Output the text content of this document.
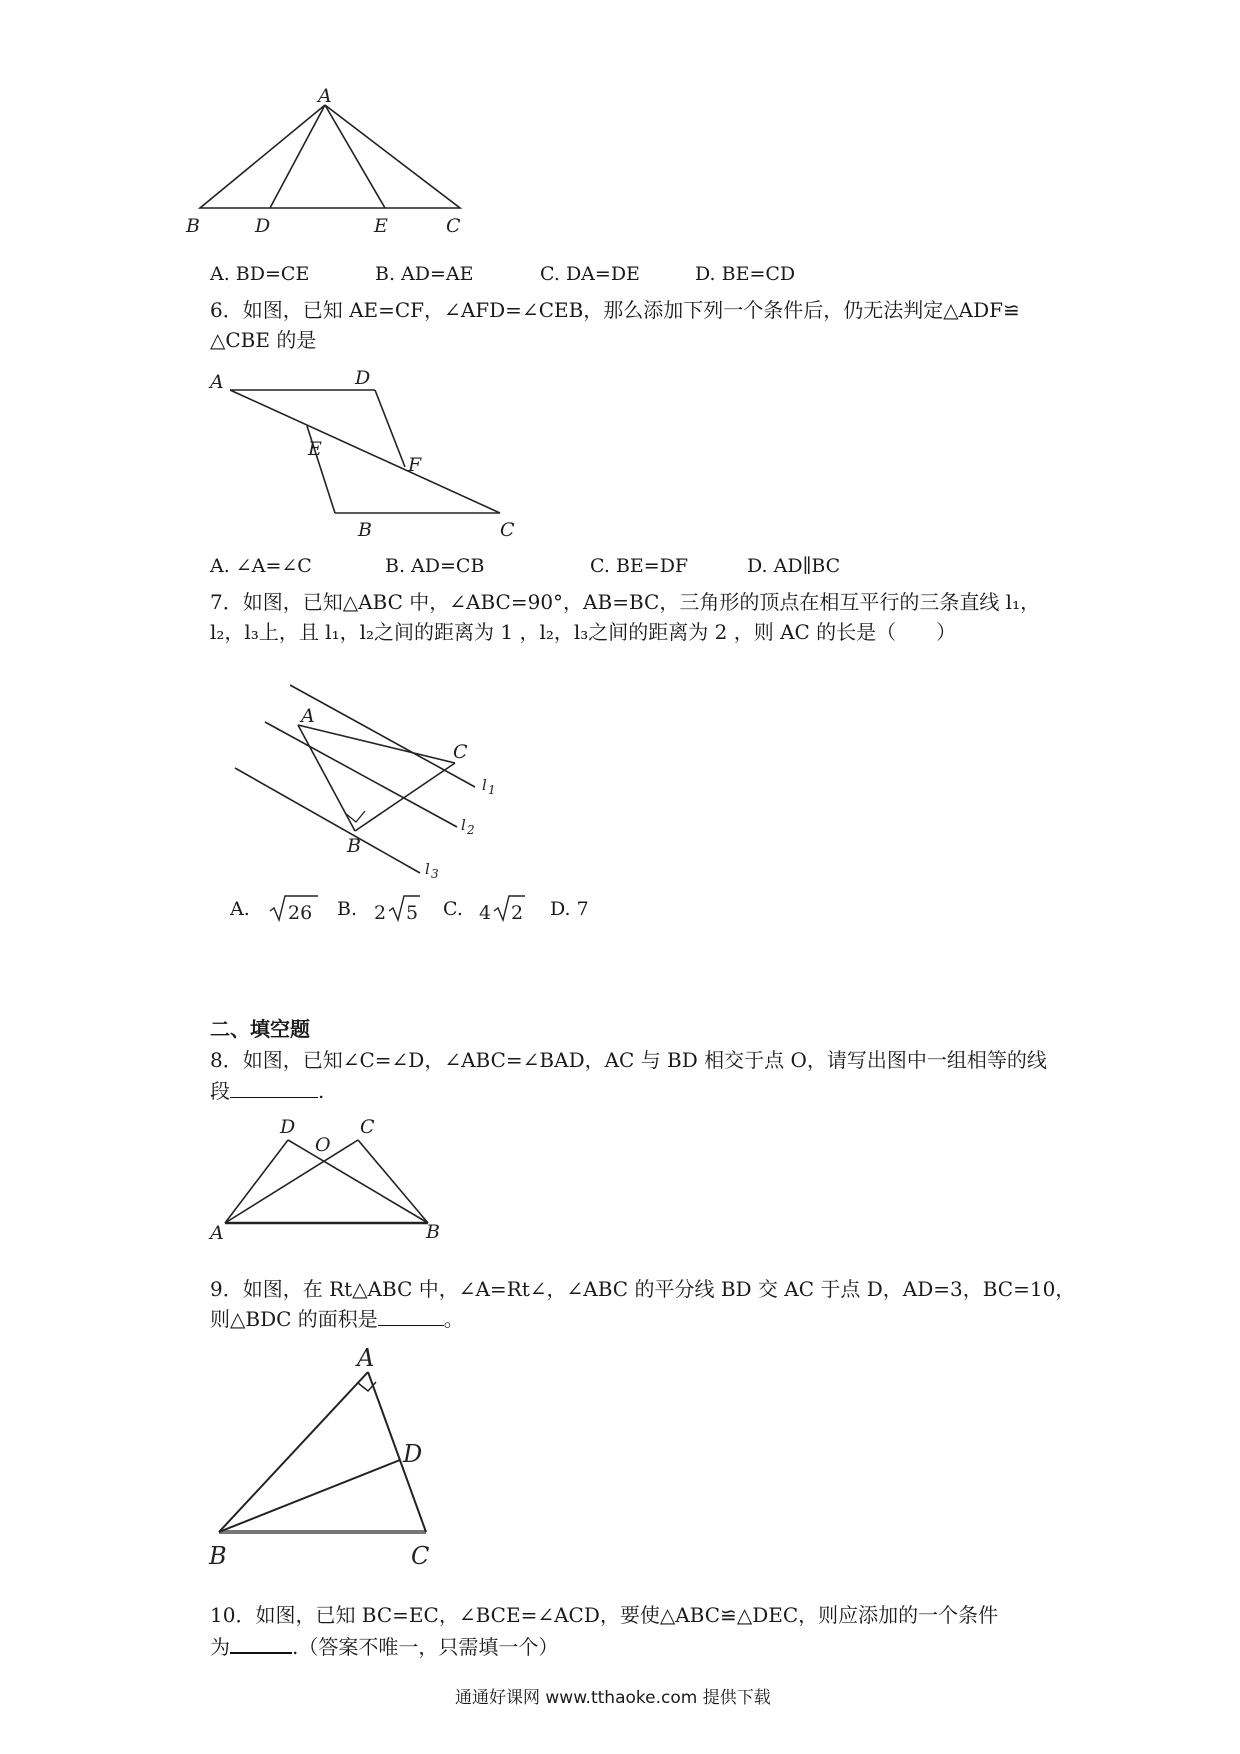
A
B	D	E	C
A. BD=CE	B. AD=AE	C. DA=DE	D. BE=CD
6．如图，已知 AE=CF，∠AFD=∠CEB，那么添加下列一个条件后，仍无法判定△ADF≌
△CBE 的是
A	D
E
F
B	C
A. ∠A=∠C	B. AD=CB	C. BE=DF	D. AD∥BC
7．如图，已知△ABC 中，∠ABC=90°，AB=BC，三角形的顶点在相互平行的三条直线 l₁，
l₂，l₃上，且 l₁，l₂之间的距离为 1 ，l₂，l₃之间的距离为 2 ，则 AC 的长是（　　）
A
C
B
l 1
l 2
l 3
A. 26 B. 2 5 C. 4 2 D. 7
二、填空题
8．如图，已知∠C=∠D，∠ABC=∠BAD，AC 与 BD 相交于点 O，请写出图中一组相等的线
段	.
D
O
C
A	B
9．如图，在 Rt△ABC 中，∠A=Rt∠，∠ABC 的平分线 BD 交 AC 于点 D，AD=3，BC=10，
则△BDC 的面积是	。
A
D
B	C
10．如图，已知 BC=EC，∠BCE=∠ACD，要使△ABC≌△DEC，则应添加的一个条件
为	.（答案不唯一，只需填一个）
通通好课网 www.tthaoke.com 提供下载
